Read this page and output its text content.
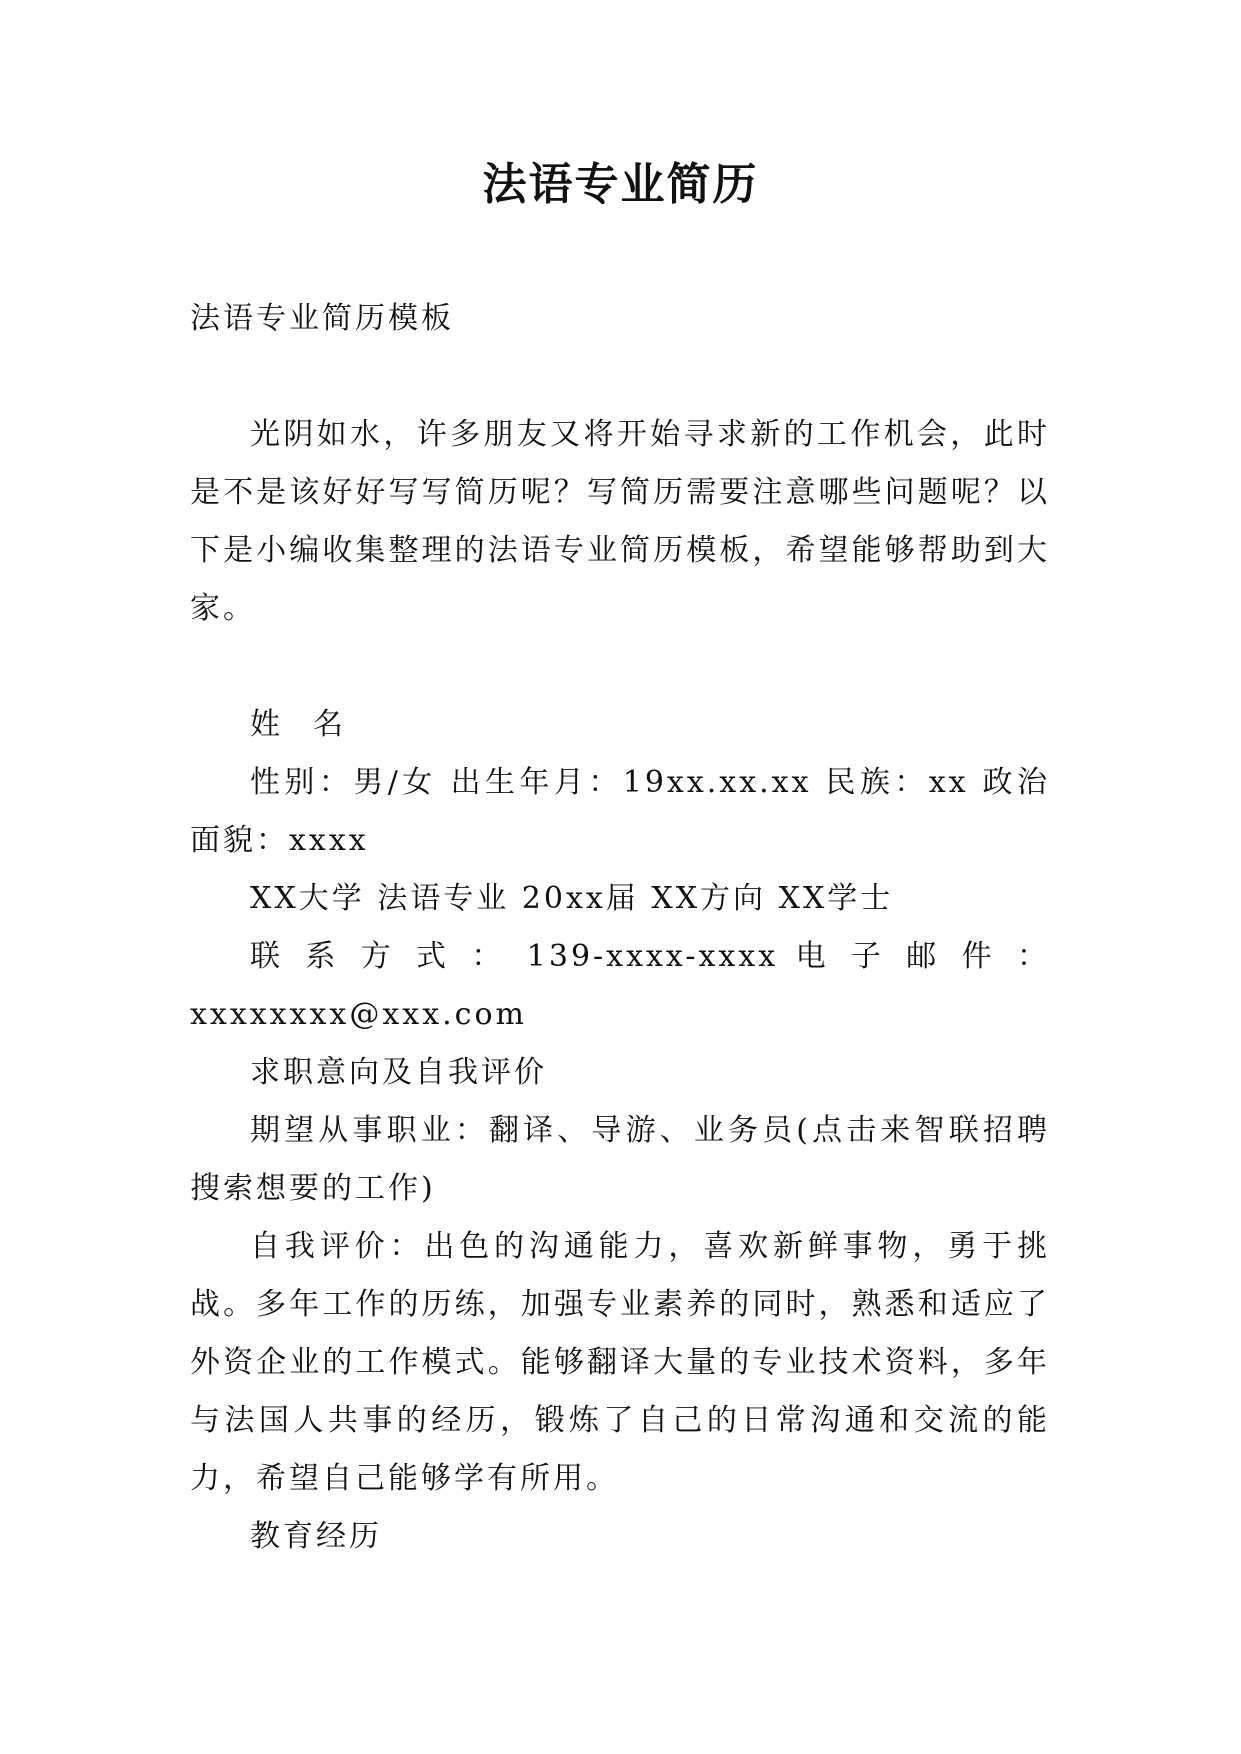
法语专业简历

法语专业简历模板

光阴如水，许多朋友又将开始寻求新的工作机会，此时是不是该好好写写简历呢？写简历需要注意哪些问题呢？以下是小编收集整理的法语专业简历模板，希望能够帮助到大家。

姓 名

性别：男/女 出生年月：19xx.xx.xx 民族：xx 政治面貌：xxxx

XX大学 法语专业 20xx届 XX方向 XX学士

联 系 方 式 ： 139-xxxx-xxxx 电 子 邮 件 ：

xxxxxxxx@xxx.com

求职意向及自我评价

期望从事职业：翻译、导游、业务员(点击来智联招聘搜索想要的工作)

自我评价：出色的沟通能力，喜欢新鲜事物，勇于挑战。多年工作的历练，加强专业素养的同时，熟悉和适应了外资企业的工作模式。能够翻译大量的专业技术资料，多年与法国人共事的经历，锻炼了自己的日常沟通和交流的能力，希望自己能够学有所用。

教育经历
